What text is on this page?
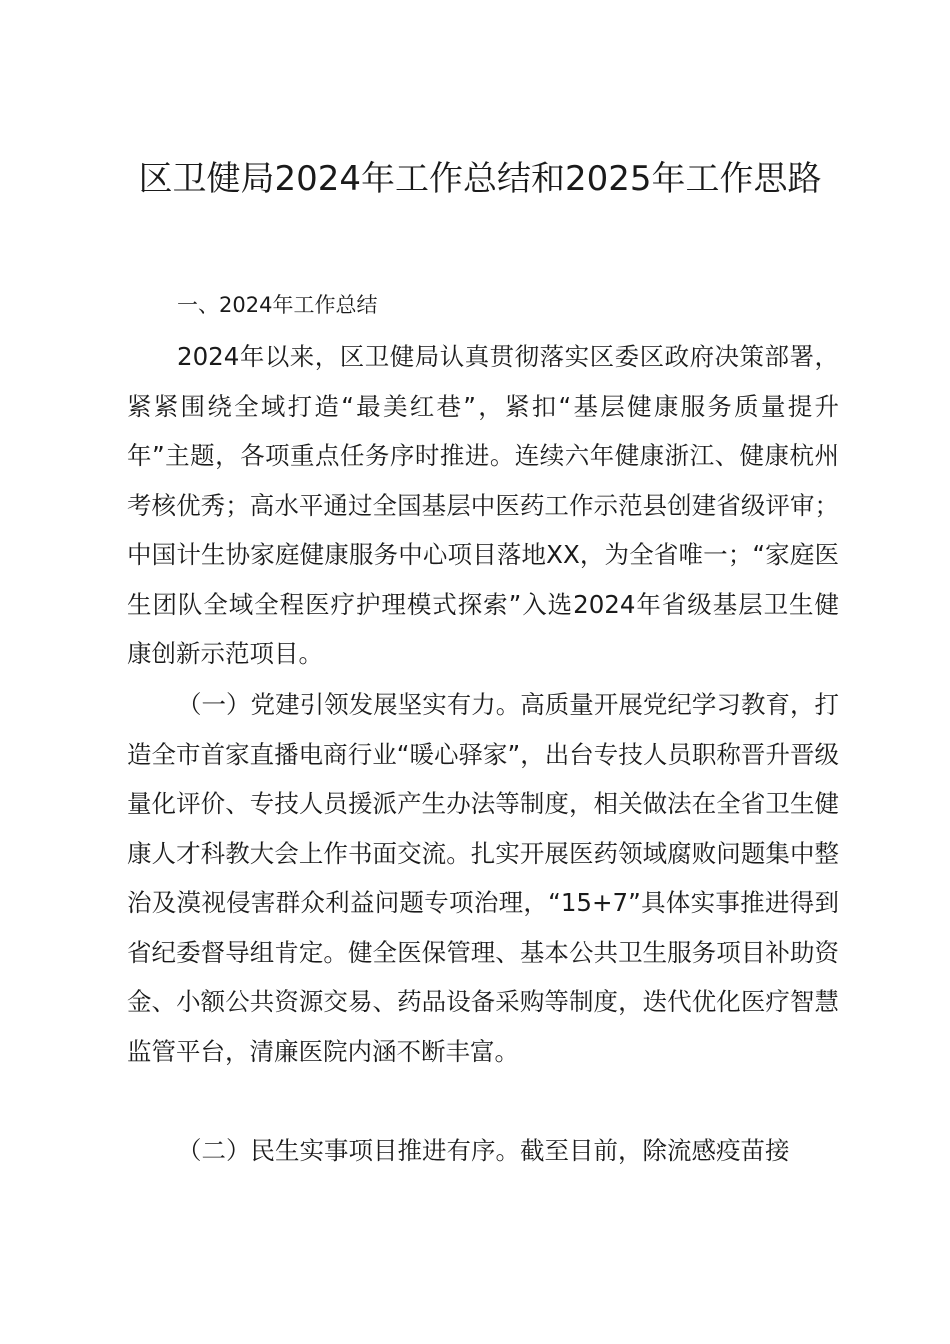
区卫健局2024年工作总结和2025年工作思路

一、2024年工作总结

2024年以来，区卫健局认真贯彻落实区委区政府决策部署，紧紧围绕全域打造“最美红巷”，紧扣“基层健康服务质量提升年”主题，各项重点任务序时推进。连续六年健康浙江、健康杭州考核优秀；高水平通过全国基层中医药工作示范县创建省级评审；中国计生协家庭健康服务中心项目落地XX，为全省唯一；“家庭医生团队全域全程医疗护理模式探索”入选2024年省级基层卫生健康创新示范项目。

（一）党建引领发展坚实有力。高质量开展党纪学习教育，打造全市首家直播电商行业“暖心驿家”，出台专技人员职称晋升晋级量化评价、专技人员援派产生办法等制度，相关做法在全省卫生健康人才科教大会上作书面交流。扎实开展医药领域腐败问题集中整治及漠视侵害群众利益问题专项治理，“15+7”具体实事推进得到省纪委督导组肯定。健全医保管理、基本公共卫生服务项目补助资金、小额公共资源交易、药品设备采购等制度，迭代优化医疗智慧监管平台，清廉医院内涵不断丰富。

（二）民生实事项目推进有序。截至目前，除流感疫苗接
